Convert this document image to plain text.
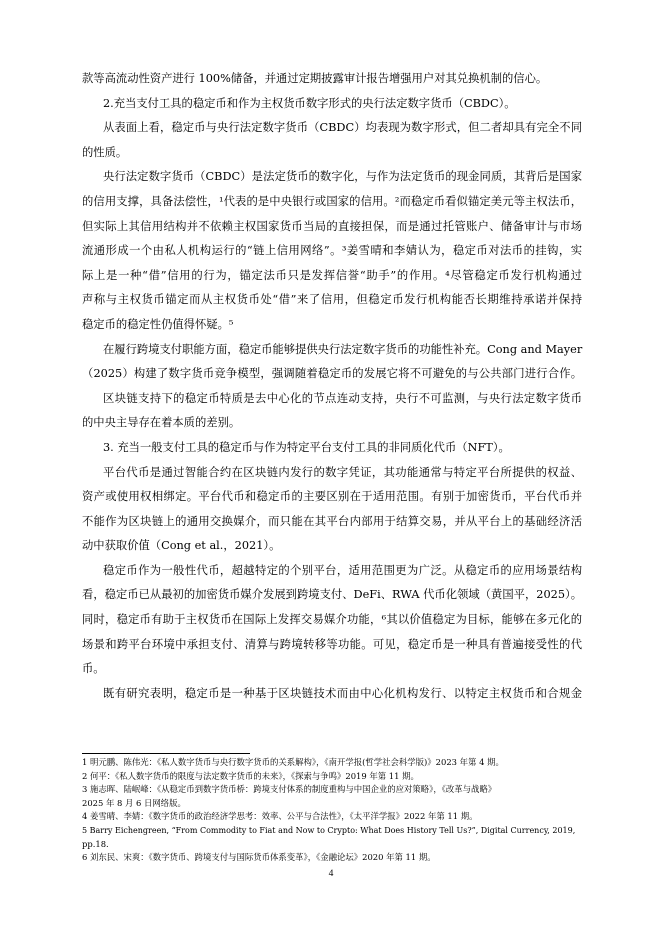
款等高流动性资产进行 100%储备，并通过定期披露审计报告增强用户对其兑换机制的信心。
2.充当支付工具的稳定币和作为主权货币数字形式的央行法定数字货币（CBDC）。
从表面上看，稳定币与央行法定数字货币（CBDC）均表现为数字形式，但二者却具有完全不同
的性质。
央行法定数字货币（CBDC）是法定货币的数字化，与作为法定货币的现金同质，其背后是国家
的信用支撑，具备法偿性，¹代表的是中央银行或国家的信用。²而稳定币看似锚定美元等主权法币，
但实际上其信用结构并不依赖主权国家货币当局的直接担保，而是通过托管账户、储备审计与市场
流通形成一个由私人机构运行的“链上信用网络”。³姜雪晴和李婧认为，稳定币对法币的挂钩，实
际上是一种“借”信用的行为，锚定法币只是发挥信誉“助手”的作用。⁴尽管稳定币发行机构通过
声称与主权货币锚定而从主权货币处“借”来了信用，但稳定币发行机构能否长期维持承诺并保持
稳定币的稳定性仍值得怀疑。⁵
在履行跨境支付职能方面，稳定币能够提供央行法定数字货币的功能性补充。Cong and Mayer
（2025）构建了数字货币竞争模型，强调随着稳定币的发展它将不可避免的与公共部门进行合作。
区块链支持下的稳定币特质是去中心化的节点连动支持，央行不可监测，与央行法定数字货币
的中央主导存在着本质的差别。
3. 充当一般支付工具的稳定币与作为特定平台支付工具的非同质化代币（NFT）。
平台代币是通过智能合约在区块链内发行的数字凭证，其功能通常与特定平台所提供的权益、
资产或使用权相绑定。平台代币和稳定币的主要区别在于适用范围。有别于加密货币，平台代币并
不能作为区块链上的通用交换媒介，而只能在其平台内部用于结算交易，并从平台上的基础经济活
动中获取价值（Cong et al.，2021）。
稳定币作为一般性代币，超越特定的个别平台，适用范围更为广泛。从稳定币的应用场景结构
看，稳定币已从最初的加密货币媒介发展到跨境支付、DeFi、RWA 代币化领域（黄国平，2025）。
同时，稳定币有助于主权货币在国际上发挥交易媒介功能，⁶其以价值稳定为目标，能够在多元化的
场景和跨平台环境中承担支付、清算与跨境转移等功能。可见，稳定币是一种具有普遍接受性的代
币。
既有研究表明，稳定币是一种基于区块链技术而由中心化机构发行、以特定主权货币和合规金
1 明元鹏、陈伟光：《私人数字货币与央行数字货币的关系解构》，《南开学报(哲学社会科学版)》2023 年第 4 期。
2 何平：《私人数字货币的限度与法定数字货币的未来》，《探索与争鸣》2019 年第 11 期。
3 施志晖、陆岷峰：《从稳定币到数字货币桥：跨境支付体系的制度重构与中国企业的应对策略》，《改革与战略》
2025 年 8 月 6 日网络版。
4 姜雪晴、李婧：《数字货币的政治经济学思考：效率、公平与合法性》，《太平洋学报》2022 年第 11 期。
5 Barry Eichengreen, “From Commodity to Fiat and Now to Crypto: What Does History Tell Us?”, Digital Currency, 2019,
pp.18.
6 刘东民、宋爽：《数字货币、跨境支付与国际货币体系变革》，《金融论坛》2020 年第 11 期。
4
